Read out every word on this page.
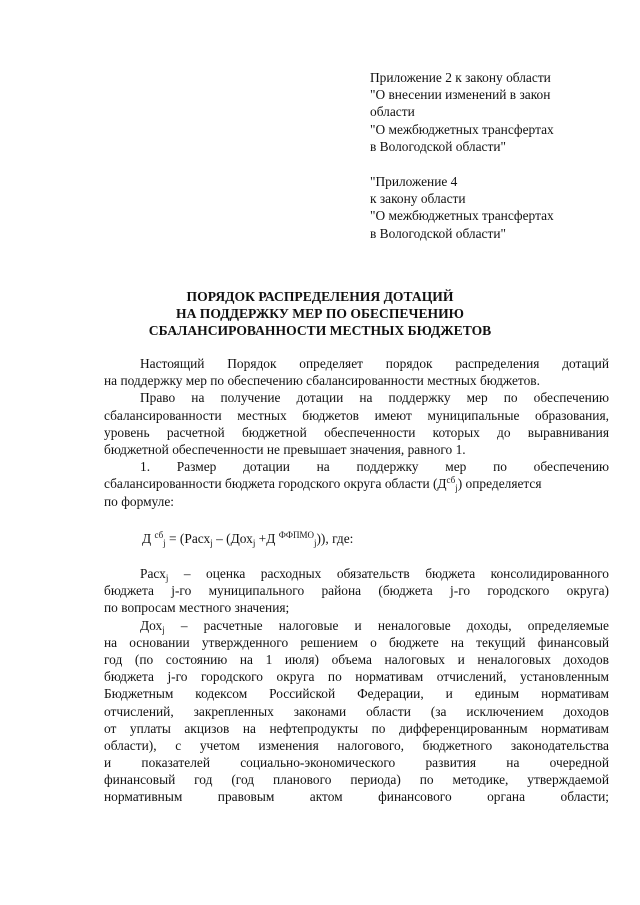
Приложение 2 к закону области
"О внесении изменений в закон
области
"О межбюджетных трансфертах
в Вологодской области"
"Приложение 4
к закону области
"О межбюджетных трансфертах
в Вологодской области"
ПОРЯДОК РАСПРЕДЕЛЕНИЯ ДОТАЦИЙ
НА ПОДДЕРЖКУ МЕР ПО ОБЕСПЕЧЕНИЮ
СБАЛАНСИРОВАННОСТИ МЕСТНЫХ БЮДЖЕТОВ
Настоящий Порядок определяет порядок распределения дотаций
на поддержку мер по обеспечению сбалансированности местных бюджетов.
Право на получение дотации на поддержку мер по обеспечению
сбалансированности местных бюджетов имеют муниципальные образования,
уровень расчетной бюджетной обеспеченности которых до выравнивания
бюджетной обеспеченности не превышает значения, равного 1.
1. Размер дотации на поддержку мер по обеспечению
сбалансированности бюджета городского округа области $(Д^{сб}_j)$ определяется
по формуле:
Д $^{сб}_j$ = (Расх$_j$ – (Дох$_j$ +Д $^{ФФПМО}_j$)), где:
Расх$_j$ – оценка расходных обязательств бюджета консолидированного
бюджета j-го муниципального района (бюджета j-го городского округа)
по вопросам местного значения;
Дох$_j$ – расчетные налоговые и неналоговые доходы, определяемые
на основании утвержденного решением о бюджете на текущий финансовый
год (по состоянию на 1 июля) объема налоговых и неналоговых доходов
бюджета j-го городского округа по нормативам отчислений, установленным
Бюджетным кодексом Российской Федерации, и единым нормативам
отчислений, закрепленных законами области (за исключением доходов
от уплаты акцизов на нефтепродукты по дифференцированным нормативам
области), с учетом изменения налогового, бюджетного законодательства
и показателей социально-экономического развития на очередной
финансовый год (год планового периода) по методике, утверждаемой
нормативным правовым актом финансового органа области;
